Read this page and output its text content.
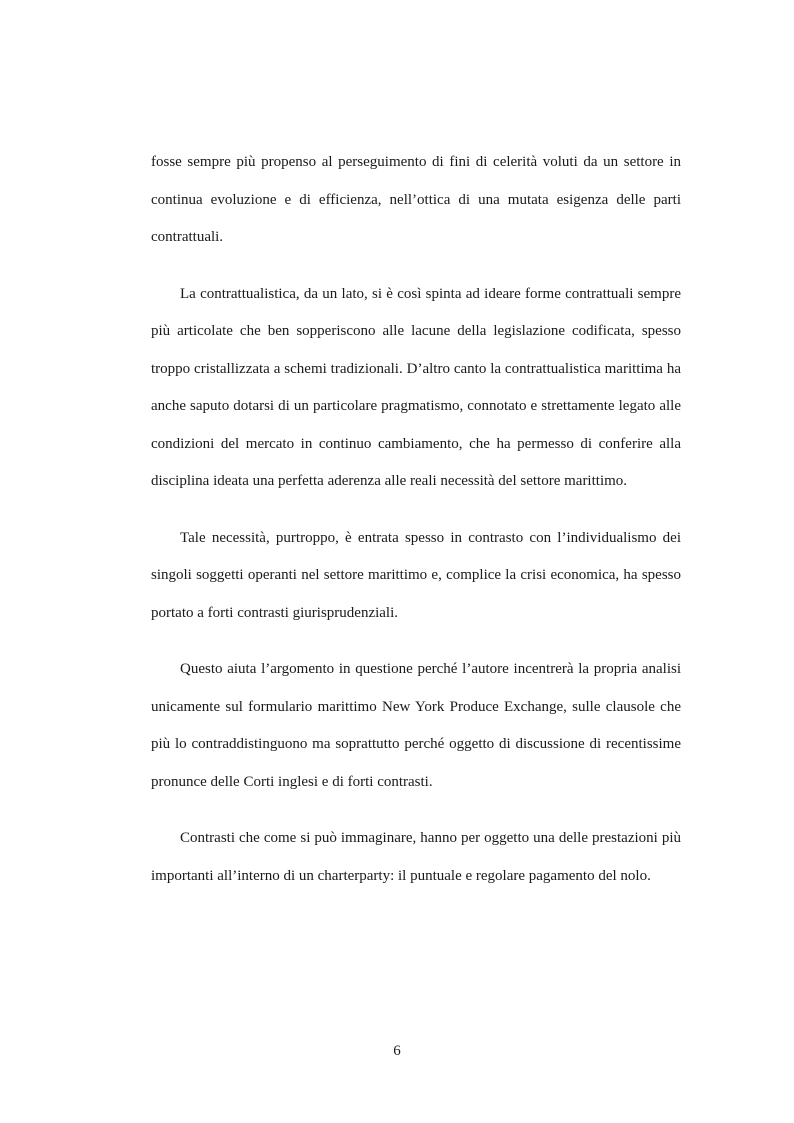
fosse sempre più propenso al perseguimento di fini di celerità voluti da un settore in continua evoluzione e di efficienza, nell’ottica di una mutata esigenza delle parti contrattuali.

La contrattualistica, da un lato, si è così spinta ad ideare forme contrattuali sempre più articolate che ben sopperiscono alle lacune della legislazione codificata, spesso troppo cristallizzata a schemi tradizionali. D’altro canto la contrattualistica marittima ha anche saputo dotarsi di un particolare pragmatismo, connotato e strettamente legato alle condizioni del mercato in continuo cambiamento, che ha permesso di conferire alla disciplina ideata una perfetta aderenza alle reali necessità del settore marittimo.

Tale necessità, purtroppo, è entrata spesso in contrasto con l’individualismo dei singoli soggetti operanti nel settore marittimo e, complice la crisi economica, ha spesso portato a forti contrasti giurisprudenziali.

Questo aiuta l’argomento in questione perché l’autore incentrerà la propria analisi unicamente sul formulario marittimo New York Produce Exchange, sulle clausole che più lo contraddistinguono ma soprattutto perché oggetto di discussione di recentissime pronunce delle Corti inglesi e di forti contrasti.

Contrasti che come si può immaginare, hanno per oggetto una delle prestazioni più importanti all’interno di un charterparty: il puntuale e regolare pagamento del nolo.

6
